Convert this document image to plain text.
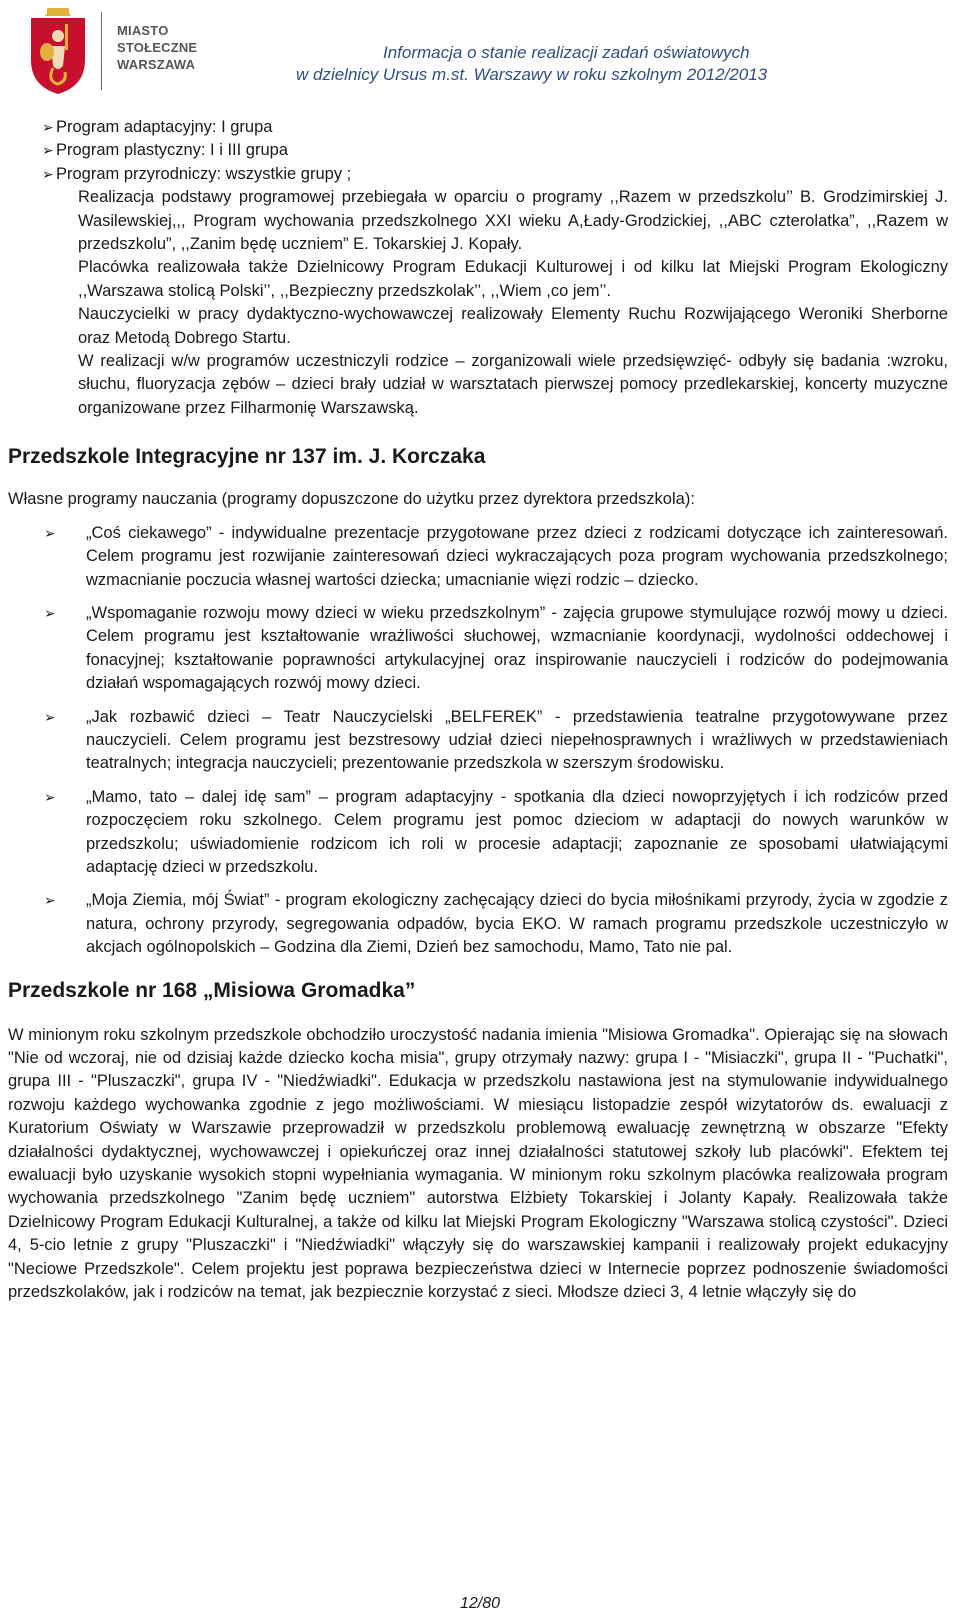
MIASTO
STOŁECZNE
WARSZAWA
Informacja o stanie realizacji zadań oświatowych
w dzielnicy Ursus m.st. Warszawy w roku szkolnym 2012/2013
➢ Program adaptacyjny: I grupa
➢ Program plastyczny: I i III grupa
➢ Program przyrodniczy: wszystkie grupy ;

Realizacja podstawy programowej przebiegała w oparciu o programy ,,Razem w przedszkolu’’ B. Grodzimirskiej J. Wasilewskiej,,, Program wychowania przedszkolnego XXI wieku A,Łady-Grodzickiej, ,,ABC czterolatka”, ,,Razem w przedszkolu”, ,,Zanim będę uczniem” E. Tokarskiej J. Kopały.

Placówka realizowała także Dzielnicowy Program Edukacji Kulturowej i od kilku lat Miejski Program Ekologiczny ,,Warszawa stolicą Polski’’, ,,Bezpieczny przedszkolak’’, ,,Wiem ,co jem’’.

Nauczycielki w pracy dydaktyczno-wychowawczej realizowały Elementy Ruchu Rozwijającego Weroniki Sherborne oraz Metodą Dobrego Startu.

W realizacji w/w programów uczestniczyli rodzice – zorganizowali wiele przedsięwzięć- odbyły się badania :wzroku, słuchu, fluoryzacja zębów – dzieci brały udział w warsztatach pierwszej pomocy przedlekarskiej, koncerty muzyczne organizowane przez Filharmonię Warszawską.

Przedszkole Integracyjne nr 137 im. J. Korczaka

Własne programy nauczania (programy dopuszczone do użytku przez dyrektora przedszkola):

➢	„Coś ciekawego” - indywidualne prezentacje przygotowane przez dzieci z rodzicami dotyczące ich zainteresowań. Celem programu jest rozwijanie zainteresowań dzieci wykraczających poza program wychowania przedszkolnego; wzmacnianie poczucia własnej wartości dziecka; umacnianie więzi rodzic – dziecko.

➢	„Wspomaganie rozwoju mowy dzieci w wieku przedszkolnym” - zajęcia grupowe stymulujące rozwój mowy u dzieci. Celem programu jest kształtowanie wrażliwości słuchowej, wzmacnianie koordynacji, wydolności oddechowej i fonacyjnej; kształtowanie poprawności artykulacyjnej oraz inspirowanie nauczycieli i rodziców do podejmowania działań wspomagających rozwój mowy dzieci.

➢	„Jak rozbawić dzieci – Teatr Nauczycielski „BELFEREK” - przedstawienia teatralne przygotowywane przez nauczycieli. Celem programu jest bezstresowy udział dzieci niepełnosprawnych i wrażliwych w przedstawieniach teatralnych; integracja nauczycieli; prezentowanie przedszkola w szerszym środowisku.

➢	„Mamo, tato – dalej idę sam” – program adaptacyjny - spotkania dla dzieci nowoprzyjętych i ich rodziców przed rozpoczęciem roku szkolnego. Celem programu jest pomoc dzieciom w adaptacji do nowych warunków w przedszkolu; uświadomienie rodzicom ich roli w procesie adaptacji; zapoznanie ze sposobami ułatwiającymi adaptację dzieci w przedszkolu.

➢	„Moja Ziemia, mój Świat” - program ekologiczny zachęcający dzieci do bycia miłośnikami przyrody, życia w zgodzie z natura, ochrony przyrody, segregowania odpadów, bycia EKO. W ramach programu przedszkole uczestniczyło w akcjach ogólnopolskich – Godzina dla Ziemi, Dzień bez samochodu, Mamo, Tato nie pal.

Przedszkole nr 168 „Misiowa Gromadka”

W minionym roku szkolnym przedszkole obchodziło uroczystość nadania imienia "Misiowa Gromadka". Opierając się na słowach "Nie od wczoraj, nie od dzisiaj każde dziecko kocha misia", grupy otrzymały nazwy: grupa I - "Misiaczki", grupa II - "Puchatki", grupa III - "Pluszaczki", grupa IV - "Niedźwiadki". Edukacja w przedszkolu nastawiona jest na stymulowanie indywidualnego rozwoju każdego wychowanka zgodnie z jego możliwościami. W miesiącu listopadzie zespół wizytatorów ds. ewaluacji z Kuratorium Oświaty w Warszawie przeprowadził w przedszkolu problemową ewaluację zewnętrzną w obszarze "Efekty działalności dydaktycznej, wychowawczej i opiekuńczej oraz innej działalności statutowej szkoły lub placówki". Efektem tej ewaluacji było uzyskanie wysokich stopni wypełniania wymagania. W minionym roku szkolnym placówka realizowała program wychowania przedszkolnego "Zanim będę uczniem" autorstwa Elżbiety Tokarskiej i Jolanty Kapały. Realizowała także Dzielnicowy Program Edukacji Kulturalnej, a także od kilku lat Miejski Program Ekologiczny "Warszawa stolicą czystości". Dzieci 4, 5-cio letnie z grupy "Pluszaczki" i "Niedźwiadki" włączyły się do warszawskiej kampanii i realizowały projekt edukacyjny "Neciowe Przedszkole". Celem projektu jest poprawa bezpieczeństwa dzieci w Internecie poprzez podnoszenie świadomości przedszkolaków, jak i rodziców na temat, jak bezpiecznie korzystać z sieci. Młodsze dzieci 3, 4 letnie włączyły się do

12/80
